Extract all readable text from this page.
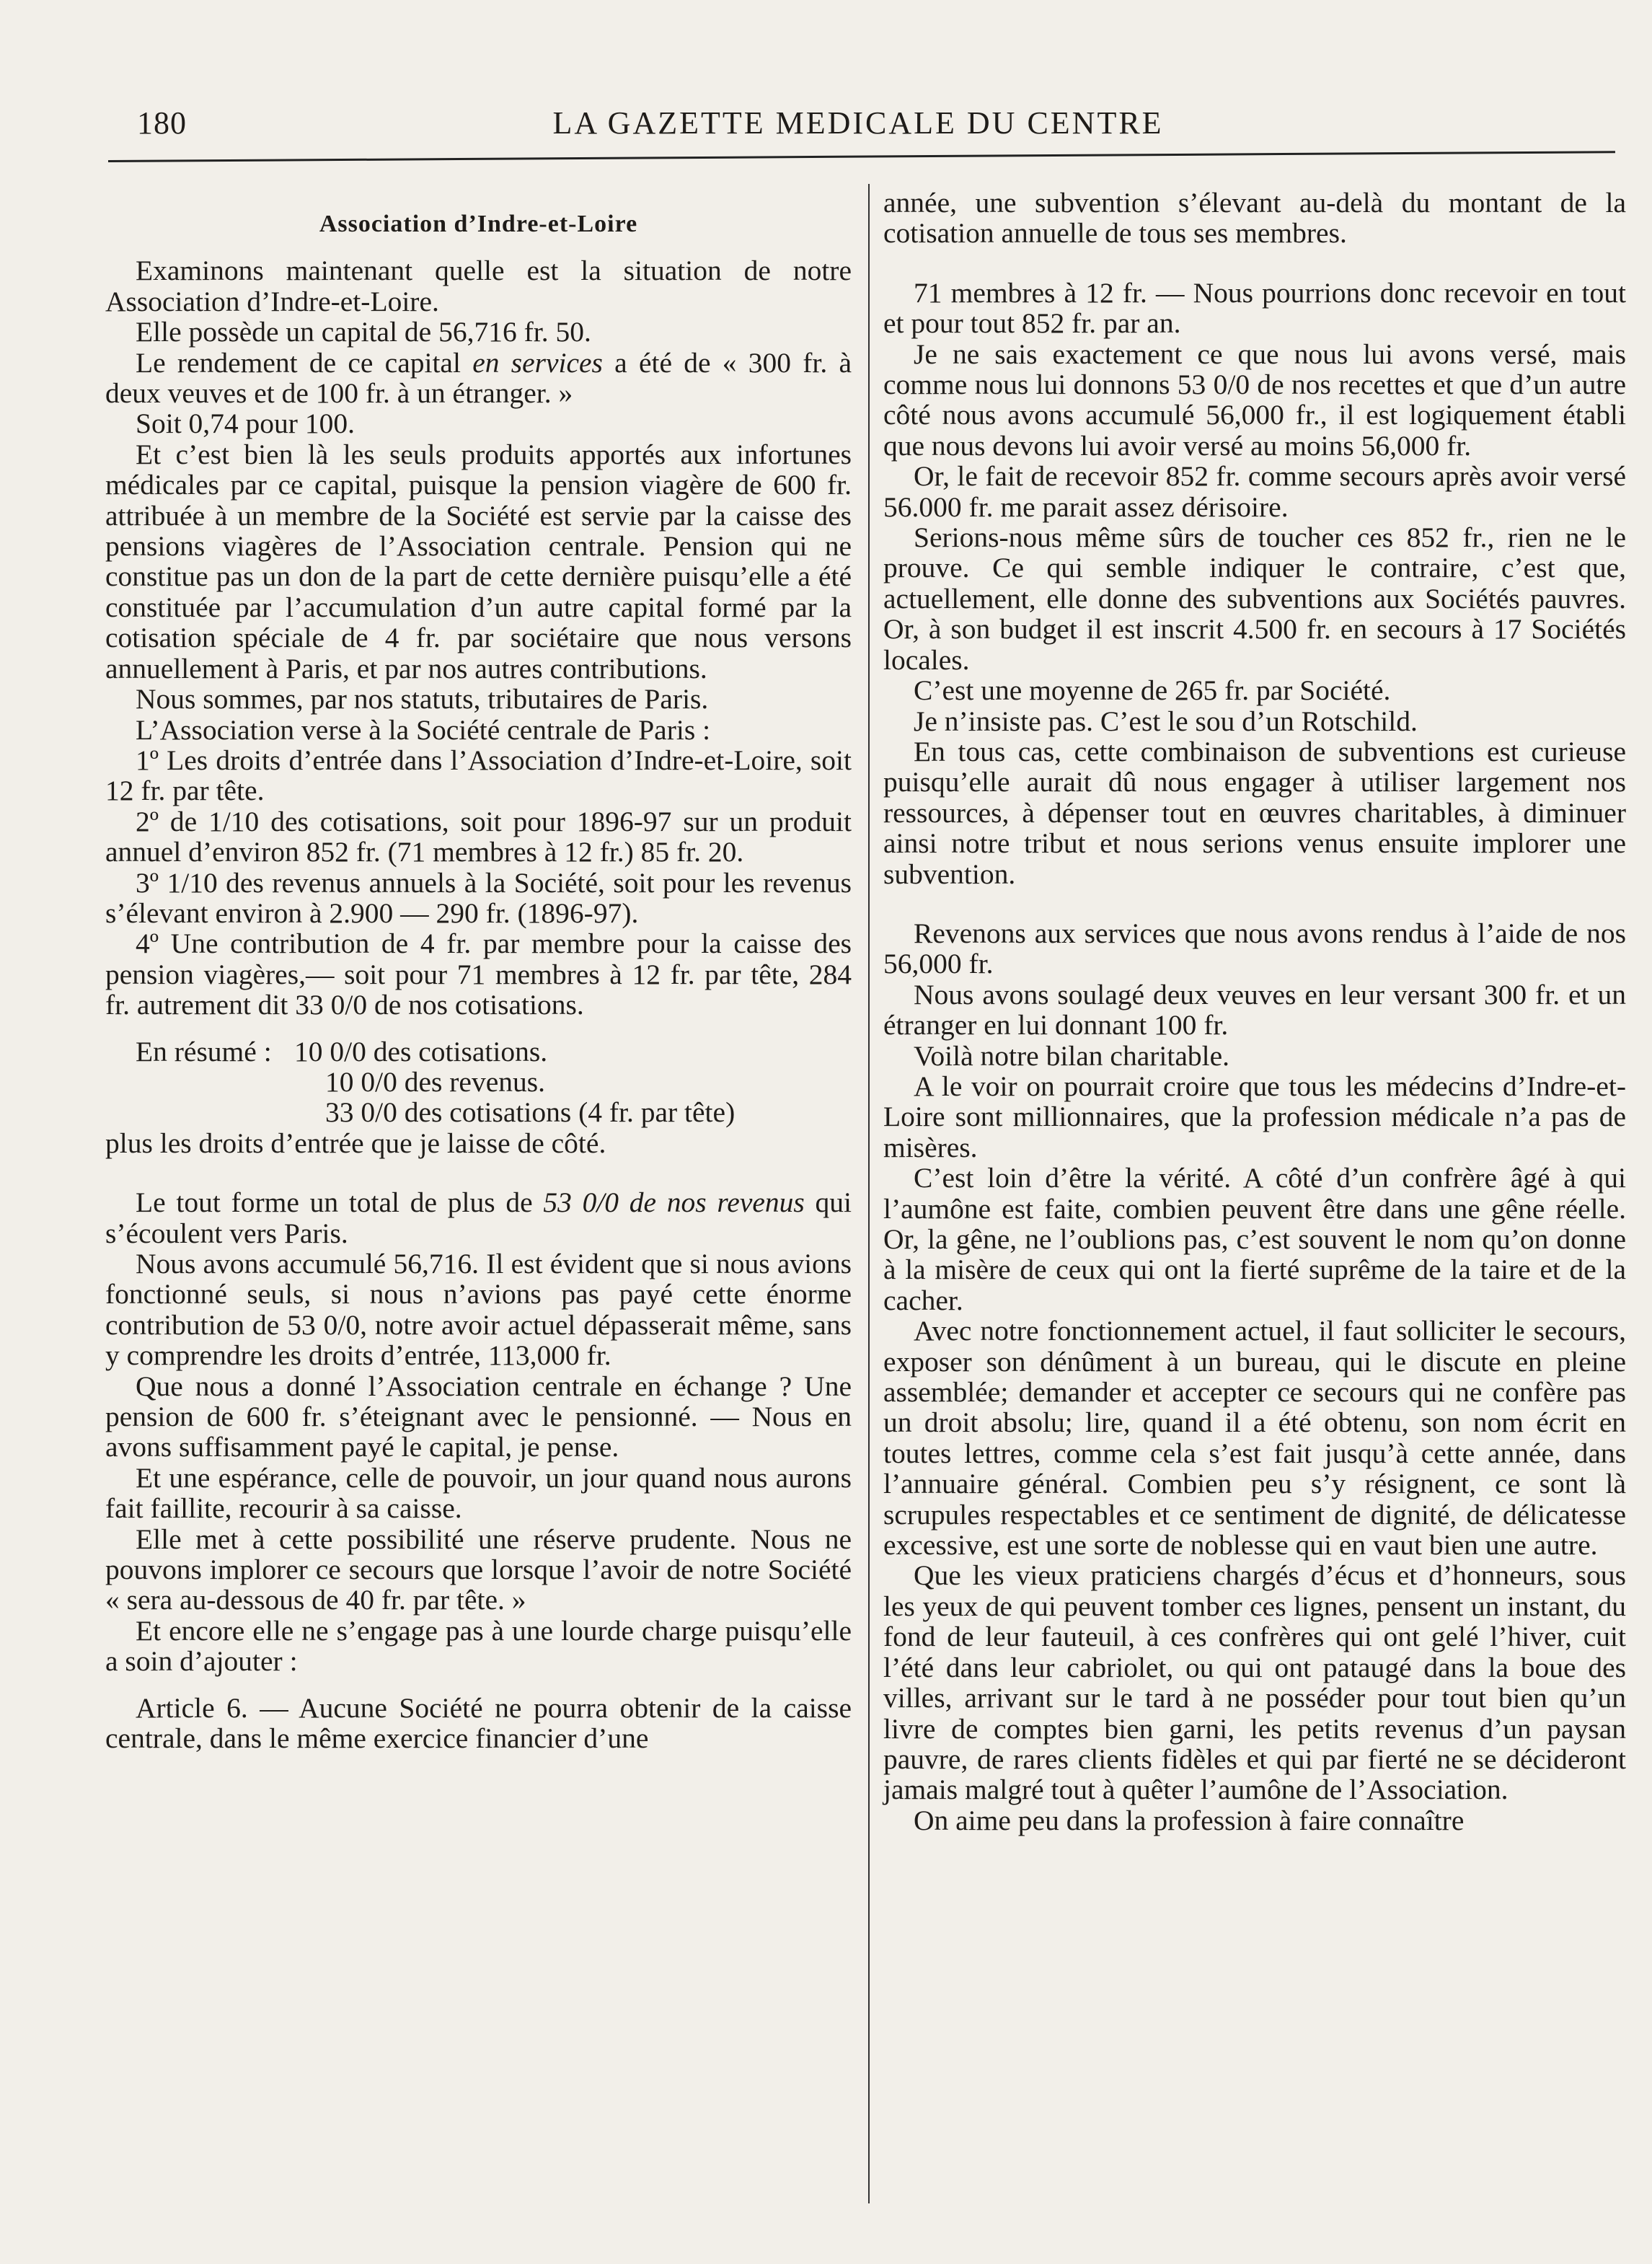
180	LA GAZETTE MEDICALE DU CENTRE
Association d’Indre-et-Loire

Examinons maintenant quelle est la situation de notre Association d’Indre-et-Loire.

Elle possède un capital de 56,716 fr. 50.

Le rendement de ce capital en services a été de « 300 fr. à deux veuves et de 100 fr. à un étranger. »

Soit 0,74 pour 100.

Et c’est bien là les seuls produits apportés aux infortunes médicales par ce capital, puisque la pension viagère de 600 fr. attribuée à un membre de la Société est servie par la caisse des pensions viagères de l’Association centrale. Pension qui ne constitue pas un don de la part de cette dernière puisqu’elle a été constituée par l’accumulation d’un autre capital formé par la cotisation spéciale de 4 fr. par sociétaire que nous versons annuellement à Paris, et par nos autres contributions.

Nous sommes, par nos statuts, tributaires de Paris.

L’Association verse à la Société centrale de Paris :

1º Les droits d’entrée dans l’Association d’Indre-et-Loire, soit 12 fr. par tête.

2º de 1/10 des cotisations, soit pour 1896-97 sur un produit annuel d’environ 852 fr. (71 membres à 12 fr.) 85 fr. 20.

3º 1/10 des revenus annuels à la Société, soit pour les revenus s’élevant environ à 2.900 — 290 fr. (1896-97).

4º Une contribution de 4 fr. par membre pour la caisse des pension viagères,— soit pour 71 membres à 12 fr. par tête, 284 fr. autrement dit 33 0/0 de nos cotisations.

En résumé : 10 0/0 des cotisations.
10 0/0 des revenus.
33 0/0 des cotisations (4 fr. par tête)
plus les droits d’entrée que je laisse de côté.

Le tout forme un total de plus de 53 0/0 de nos revenus qui s’écoulent vers Paris.

Nous avons accumulé 56,716. Il est évident que si nous avions fonctionné seuls, si nous n’avions pas payé cette énorme contribution de 53 0/0, notre avoir actuel dépasserait même, sans y comprendre les droits d’entrée, 113,000 fr.

Que nous a donné l’Association centrale en échange ? Une pension de 600 fr. s’éteignant avec le pensionné. — Nous en avons suffisamment payé le capital, je pense.

Et une espérance, celle de pouvoir, un jour quand nous aurons fait faillite, recourir à sa caisse.

Elle met à cette possibilité une réserve prudente. Nous ne pouvons implorer ce secours que lorsque l’avoir de notre Société « sera au-dessous de 40 fr. par tête. »

Et encore elle ne s’engage pas à une lourde charge puisqu’elle a soin d’ajouter :

Article 6. — Aucune Société ne pourra obtenir de la caisse centrale, dans le même exercice financier d’une

année, une subvention s’élevant au-delà du montant de la cotisation annuelle de tous ses membres.

71 membres à 12 fr. — Nous pourrions donc recevoir en tout et pour tout 852 fr. par an.

Je ne sais exactement ce que nous lui avons versé, mais comme nous lui donnons 53 0/0 de nos recettes et que d’un autre côté nous avons accumulé 56,000 fr., il est logiquement établi que nous devons lui avoir versé au moins 56,000 fr.

Or, le fait de recevoir 852 fr. comme secours après avoir versé 56.000 fr. me parait assez dérisoire.

Serions-nous même sûrs de toucher ces 852 fr., rien ne le prouve. Ce qui semble indiquer le contraire, c’est que, actuellement, elle donne des subventions aux Sociétés pauvres. Or, à son budget il est inscrit 4.500 fr. en secours à 17 Sociétés locales.

C’est une moyenne de 265 fr. par Société.

Je n’insiste pas. C’est le sou d’un Rotschild.

En tous cas, cette combinaison de subventions est curieuse puisqu’elle aurait dû nous engager à utiliser largement nos ressources, à dépenser tout en œuvres charitables, à diminuer ainsi notre tribut et nous serions venus ensuite implorer une subvention.

Revenons aux services que nous avons rendus à l’aide de nos 56,000 fr.

Nous avons soulagé deux veuves en leur versant 300 fr. et un étranger en lui donnant 100 fr.

Voilà notre bilan charitable.

A le voir on pourrait croire que tous les médecins d’Indre-et-Loire sont millionnaires, que la profession médicale n’a pas de misères.

C’est loin d’être la vérité. A côté d’un confrère âgé à qui l’aumône est faite, combien peuvent être dans une gêne réelle. Or, la gêne, ne l’oublions pas, c’est souvent le nom qu’on donne à la misère de ceux qui ont la fierté suprême de la taire et de la cacher.

Avec notre fonctionnement actuel, il faut solliciter le secours, exposer son dénûment à un bureau, qui le discute en pleine assemblée; demander et accepter ce secours qui ne confère pas un droit absolu; lire, quand il a été obtenu, son nom écrit en toutes lettres, comme cela s’est fait jusqu’à cette année, dans l’annuaire général. Combien peu s’y résignent, ce sont là scrupules respectables et ce sentiment de dignité, de délicatesse excessive, est une sorte de noblesse qui en vaut bien une autre.

Que les vieux praticiens chargés d’écus et d’honneurs, sous les yeux de qui peuvent tomber ces lignes, pensent un instant, du fond de leur fauteuil, à ces confrères qui ont gelé l’hiver, cuit l’été dans leur cabriolet, ou qui ont pataugé dans la boue des villes, arrivant sur le tard à ne posséder pour tout bien qu’un livre de comptes bien garni, les petits revenus d’un paysan pauvre, de rares clients fidèles et qui par fierté ne se décideront jamais malgré tout à quêter l’aumône de l’Association.

On aime peu dans la profession à faire connaître
